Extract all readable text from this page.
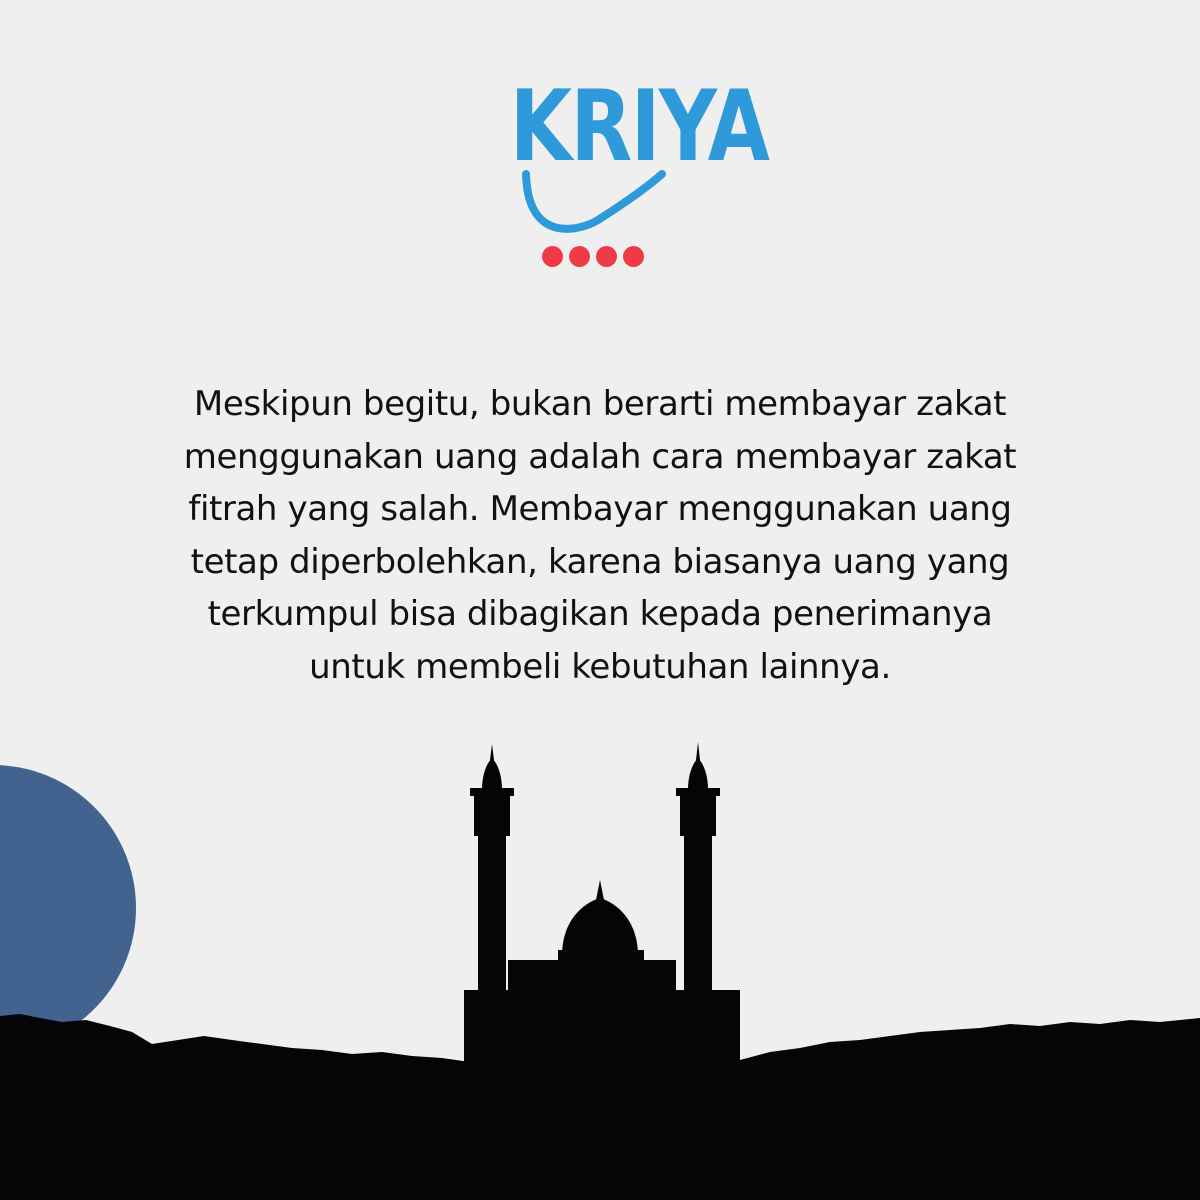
KRIYA

Meskipun begitu, bukan berarti membayar zakat
menggunakan uang adalah cara membayar zakat
fitrah yang salah. Membayar menggunakan uang
tetap diperbolehkan, karena biasanya uang yang
terkumpul bisa dibagikan kepada penerimanya
untuk membeli kebutuhan lainnya.
